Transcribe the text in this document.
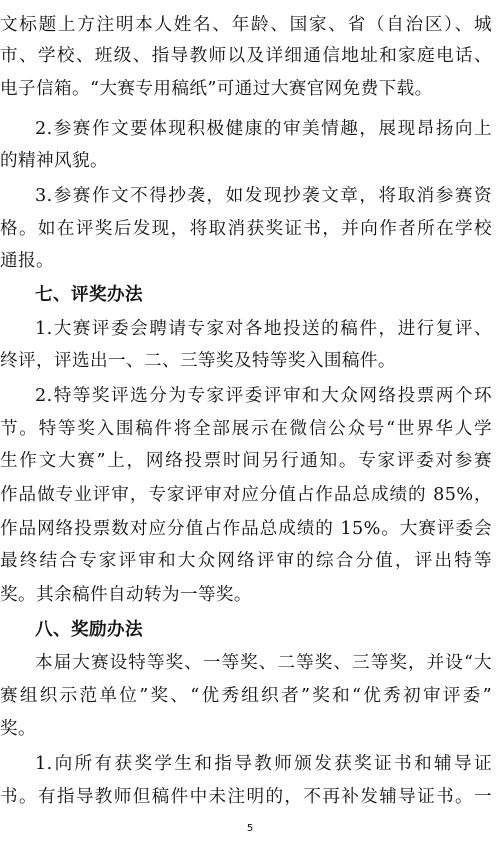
文标题上方注明本人姓名、年龄、国家、省（自治区）、城
市、学校、班级、指导教师以及详细通信地址和家庭电话、
电子信箱。“大赛专用稿纸”可通过大赛官网免费下载。
2.参赛作文要体现积极健康的审美情趣，展现昂扬向上
的精神风貌。
3.参赛作文不得抄袭，如发现抄袭文章，将取消参赛资
格。如在评奖后发现，将取消获奖证书，并向作者所在学校
通报。
七、评奖办法
1.大赛评委会聘请专家对各地投送的稿件，进行复评、
终评，评选出一、二、三等奖及特等奖入围稿件。
2.特等奖评选分为专家评委评审和大众网络投票两个环
节。特等奖入围稿件将全部展示在微信公众号“世界华人学
生作文大赛”上，网络投票时间另行通知。专家评委对参赛
作品做专业评审，专家评审对应分值占作品总成绩的 85%，
作品网络投票数对应分值占作品总成绩的 15%。大赛评委会
最终结合专家评审和大众网络评审的综合分值，评出特等
奖。其余稿件自动转为一等奖。
八、奖励办法
本届大赛设特等奖、一等奖、二等奖、三等奖，并设“大
赛组织示范单位”奖、“优秀组织者”奖和“优秀初审评委”
奖。
1.向所有获奖学生和指导教师颁发获奖证书和辅导证
书。有指导教师但稿件中未注明的，不再补发辅导证书。一
5
